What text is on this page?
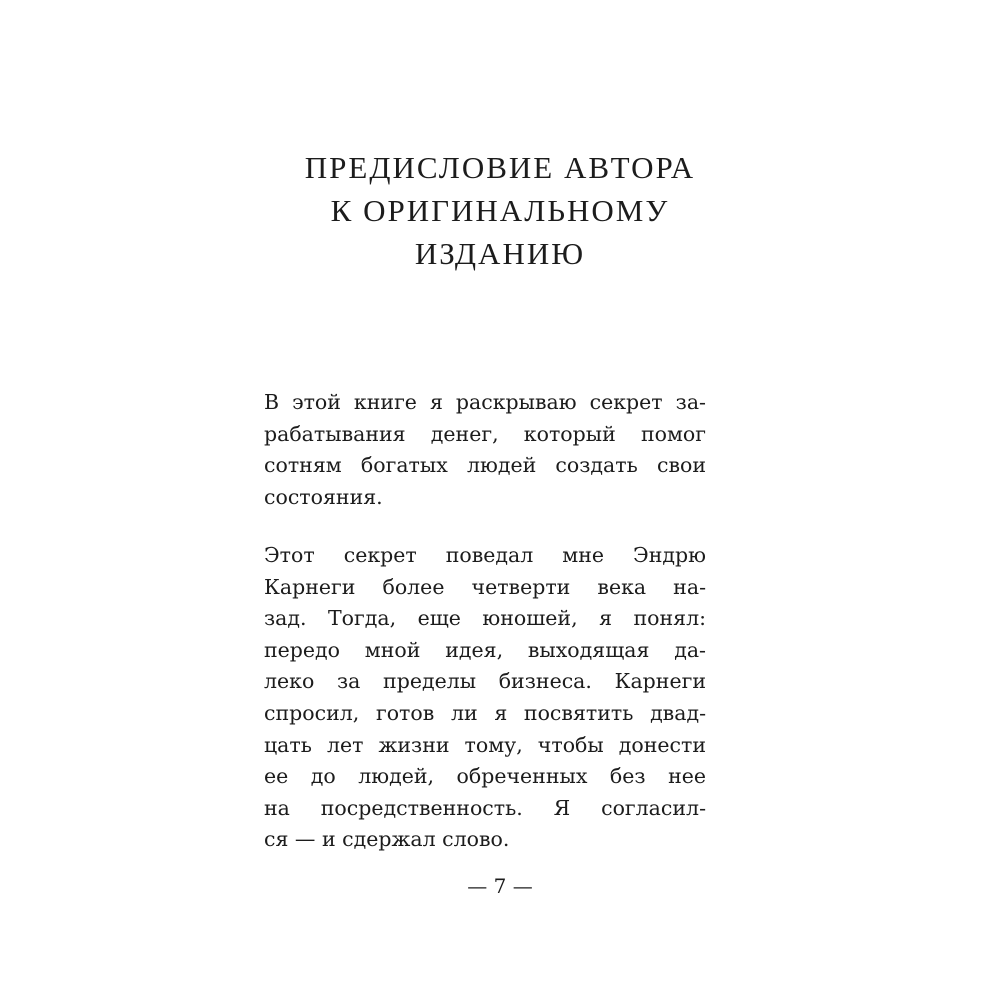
ПРЕДИСЛОВИЕ АВТОРА
К ОРИГИНАЛЬНОМУ
ИЗДАНИЮ

В этой книге я раскрываю секрет за-
рабатывания денег, который помог
сотням богатых людей создать свои
состояния.

Этот секрет поведал мне Эндрю
Карнеги более четверти века на-
зад. Тогда, еще юношей, я понял:
передо мной идея, выходящая да-
леко за пределы бизнеса. Карнеги
спросил, готов ли я посвятить двад-
цать лет жизни тому, чтобы донести
ее до людей, обреченных без нее
на посредственность. Я согласил-
ся — и сдержал слово.

— 7 —
